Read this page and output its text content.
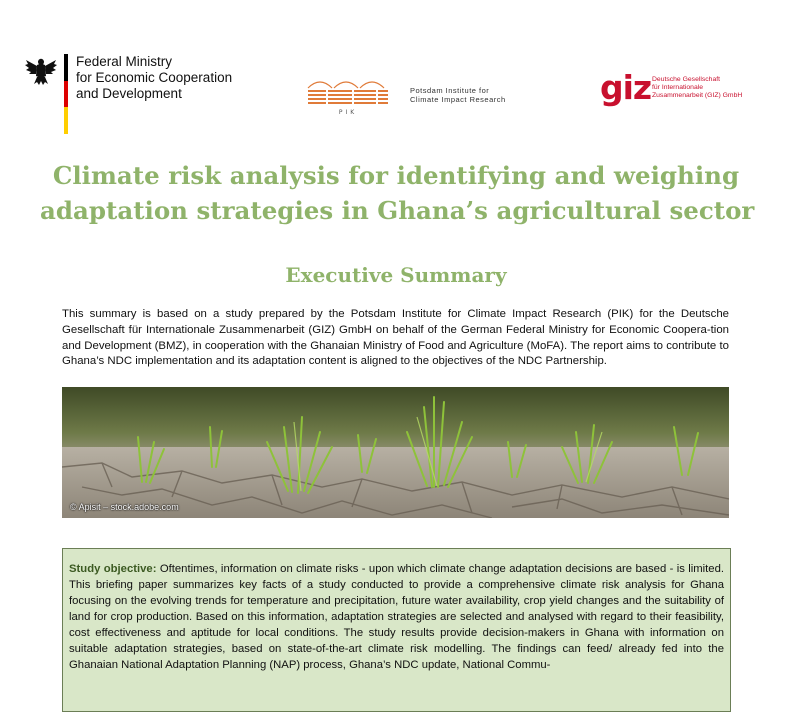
Federal Ministry
for Economic Cooperation
and Development
PIK
Potsdam Institute for
Climate Impact Research	giz Deutsche Gesellschaft
für Internationale
Zusammenarbeit (GIZ) GmbH
Climate risk analysis for identifying and weighing
adaptation strategies in Ghana’s agricultural sector
Executive Summary

This summary is based on a study prepared by the Potsdam Institute for Climate Impact Research (PIK) for the Deutsche Gesellschaft für Internationale Zusammenarbeit (GIZ) GmbH on behalf of the German Federal Ministry for Economic Coopera-tion and Development (BMZ), in cooperation with the Ghanaian Ministry of Food and Agriculture (MoFA). The report aims to contribute to Ghana’s NDC implementation and its adaptation content is aligned to the objectives of the NDC Partnership.

© Apisit – stock.adobe.com
Study objective: Oftentimes, information on climate risks - upon which climate change adaptation decisions are based - is limited. This briefing paper summarizes key facts of a study conducted to provide a comprehensive climate risk analysis for Ghana focusing on the evolving trends for temperature and precipitation, future water availability, crop yield changes and the suitability of land for crop production. Based on this information, adaptation strategies are selected and analysed with regard to their feasibility, cost effectiveness and aptitude for local conditions. The study results provide decision-makers in Ghana with information on suitable adaptation strategies, based on state-of-the-art climate risk modelling. The findings can feed/ already fed into the Ghanaian National Adaptation Planning (NAP) process, Ghana’s NDC update, National Commu-
